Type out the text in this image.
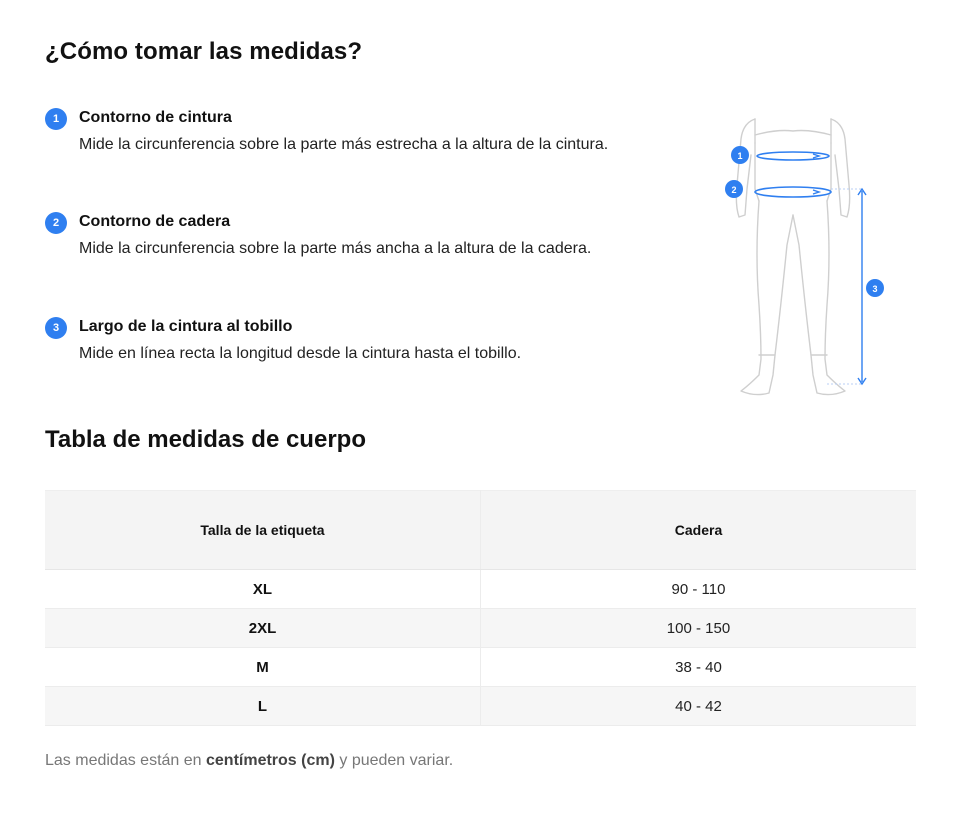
¿Cómo tomar las medidas?
1	Contorno de cintura
Mide la circunferencia sobre la parte más estrecha a la altura de la cintura.
2	Contorno de cadera
Mide la circunferencia sobre la parte más ancha a la altura de la cadera.
3	Largo de la cintura al tobillo
Mide en línea recta la longitud desde la cintura hasta el tobillo.
1
2
3
Tabla de medidas de cuerpo
Talla de la etiqueta	Cadera
XL	90 - 110
2XL	100 - 150
M	38 - 40
L	40 - 42
Las medidas están en centímetros (cm) y pueden variar.
